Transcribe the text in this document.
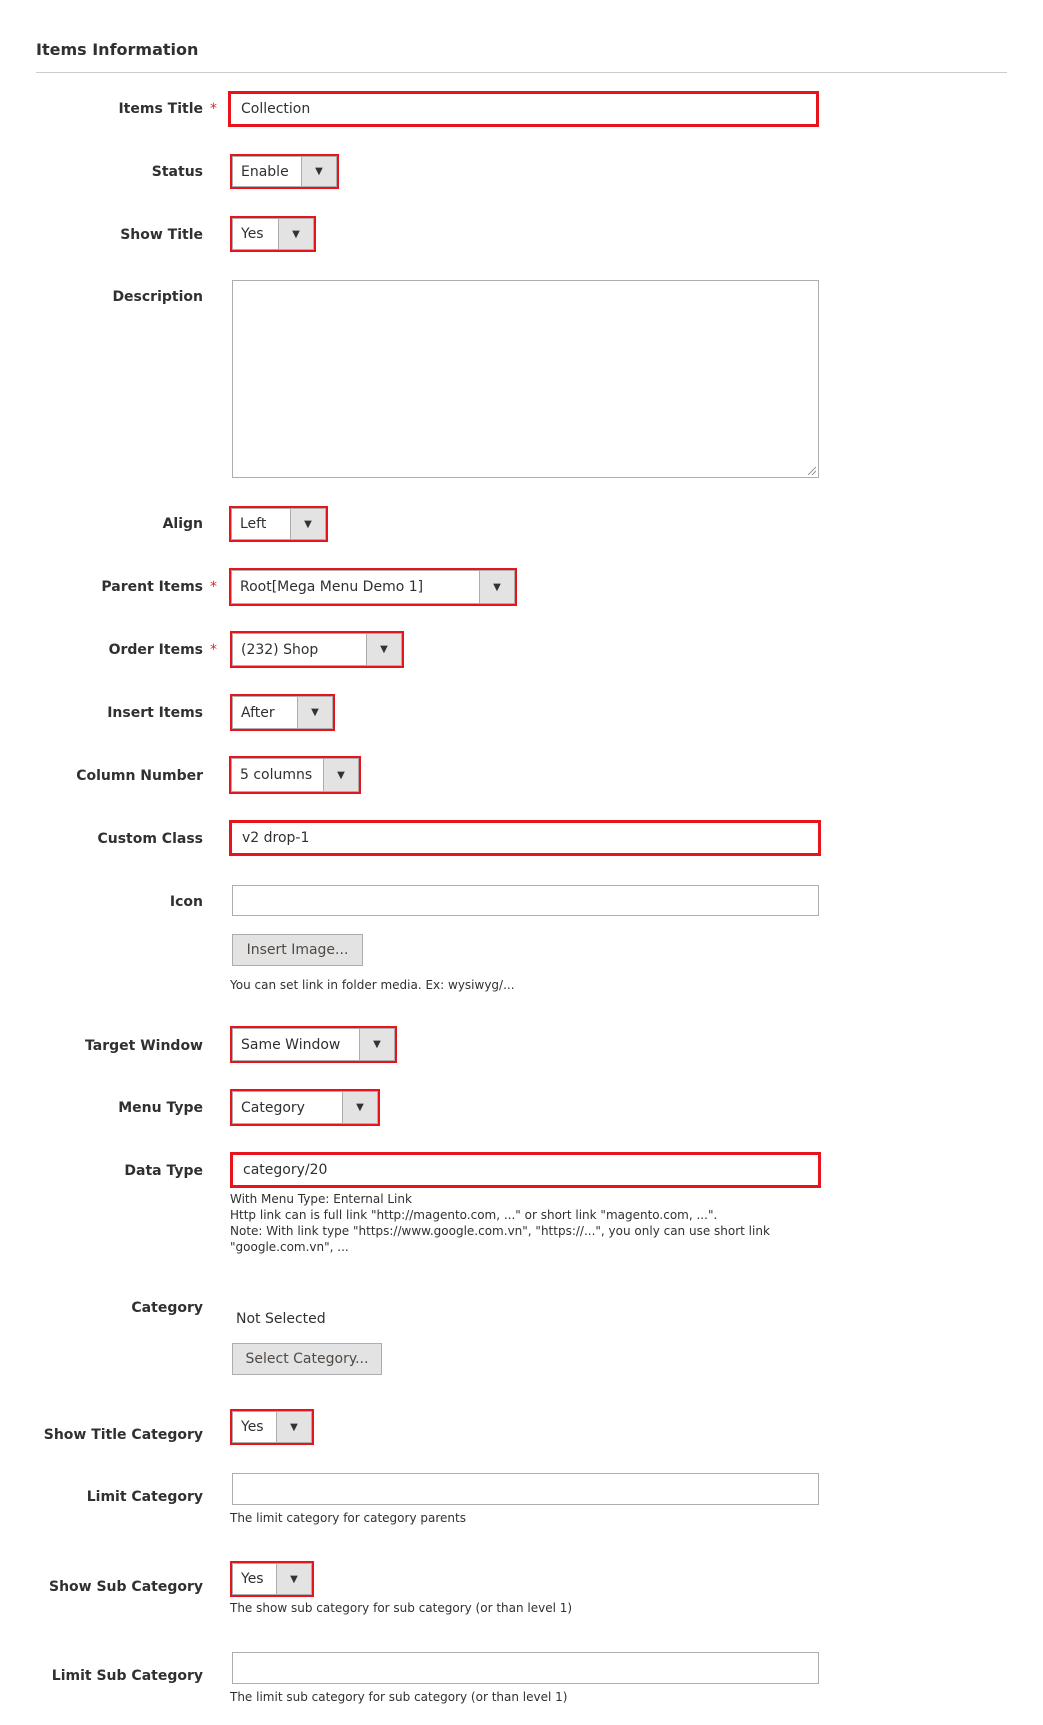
Items Information
Items Title *	Collection
Status	Enable	▼
Show Title	Yes	▼
Description
Align	Left	▼
Parent Items *	Root[Mega Menu Demo 1]	▼
Order Items *	(232) Shop	▼
Insert Items	After	▼
Column Number	5 columns	▼
Custom Class	v2 drop-1
Icon
Insert Image...
You can set link in folder media. Ex: wysiwyg/...
Target Window	Same Window	▼
Menu Type	Category	▼
Data Type	category/20
With Menu Type: Enternal Link
Http link can is full link "http://magento.com, ..." or short link "magento.com, ...".
Note: With link type "https://www.google.com.vn", "https://...", you only can use short link "google.com.vn", ...
Category
Not Selected
Select Category...
Show Title Category	Yes	▼
Limit Category
The limit category for category parents
Show Sub Category	Yes	▼
The show sub category for sub category (or than level 1)
Limit Sub Category
The limit sub category for sub category (or than level 1)
